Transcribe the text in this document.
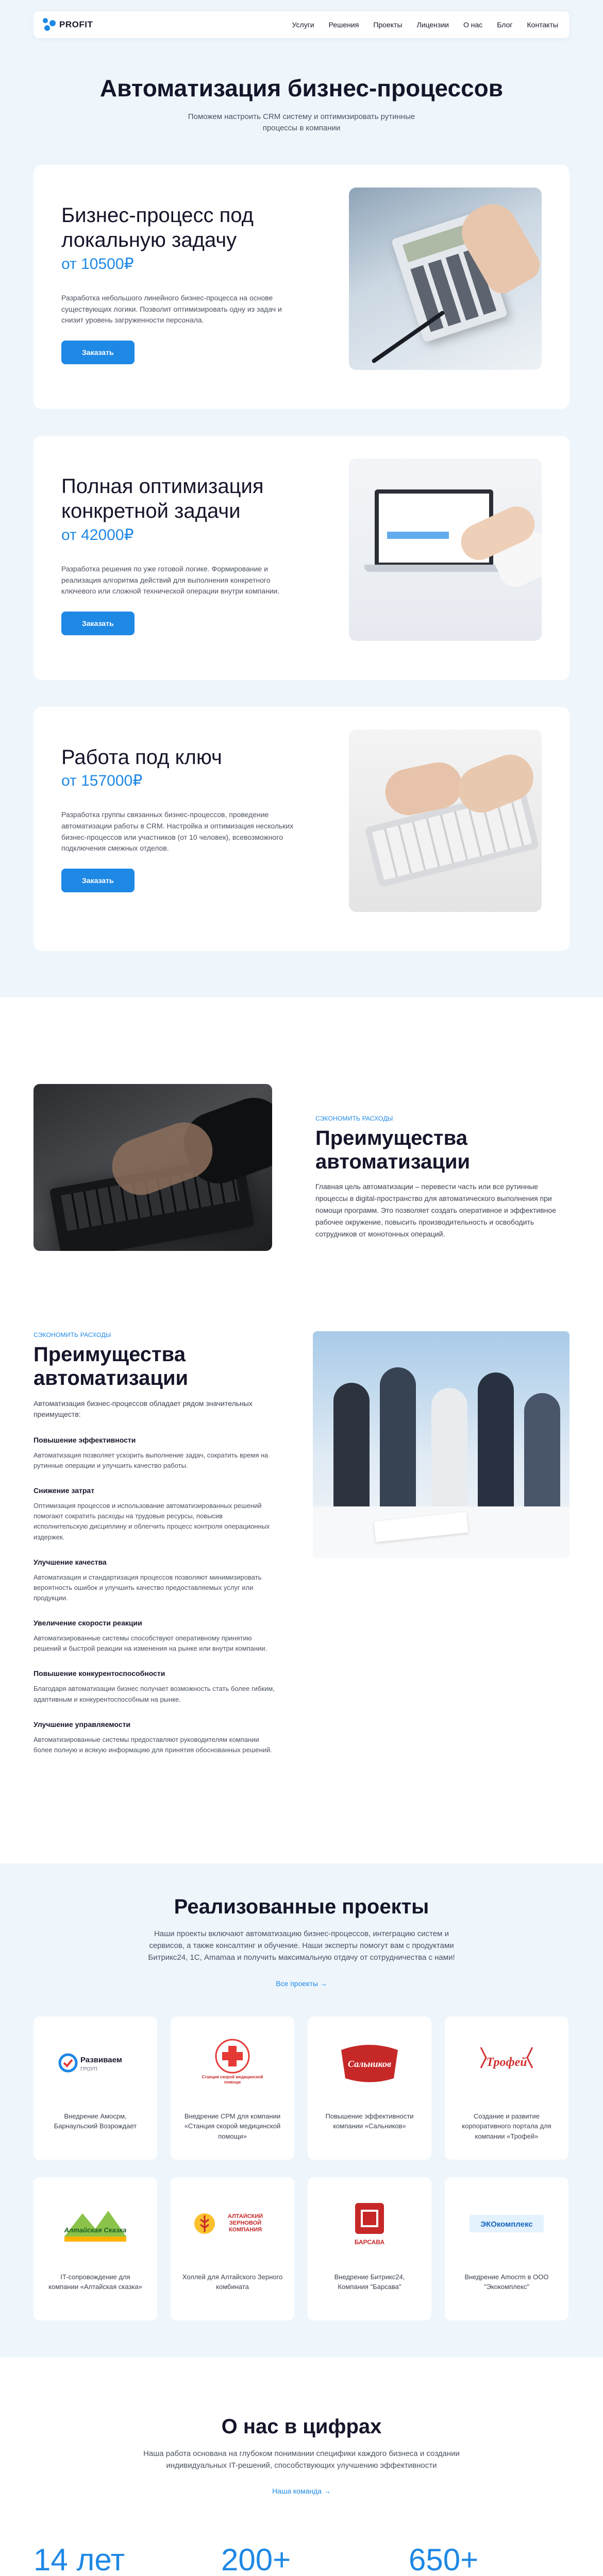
PROFIT	Услуги Решения Проекты Лицензии О нас Блог Контакты
Автоматизация бизнес-процессов

Поможем настроить CRM систему и оптимизировать рутинные процессы в компании

Бизнес-процесс под локальную задачу
от 10500₽

Разработка небольшого линейного бизнес-процесса на основе существующих логики. Позволит оптимизировать одну из задач и снизит уровень загруженности персонала.

Заказать
Полная оптимизация конкретной задачи
от 42000₽

Разработка решения по уже готовой логике. Формирование и реализация алгоритма действий для выполнения конкретного ключевого или сложной технической операции внутри компании.

Заказать
Работа под ключ
от 157000₽

Разработка группы связанных бизнес-процессов, проведение автоматизации работы в CRM. Настройка и оптимизация нескольких бизнес-процессов или участников (от 10 человек), всевозможного подключения смежных отделов.

Заказать
СЭКОНОМИТЬ РАСХОДЫ
Преимущества автоматизации

Главная цель автоматизации – перевести часть или все рутинные процессы в digital-пространство для автоматического выполнения при помощи программ. Это позволяет создать оперативное и эффективное рабочее окружение, повысить производительность и освободить сотрудников от монотонных операций.

СЭКОНОМИТЬ РАСХОДЫ
Преимущества автоматизации

Автоматизация бизнес-процессов обладает рядом значительных преимуществ:

Повышение эффективности
Автоматизация позволяет ускорить выполнение задач, сократить время на рутинные операции и улучшить качество работы.
Снижение затрат
Оптимизация процессов и использование автоматизированных решений помогают сократить расходы на трудовые ресурсы, повысив исполнительскую дисциплину и облегчить процесс контроля операционных издержек.
Улучшение качества
Автоматизация и стандартизация процессов позволяют минимизировать вероятность ошибок и улучшить качество предоставляемых услуг или продукции.
Увеличение скорости реакции
Автоматизированные системы способствуют оперативному принятию решений и быстрой реакции на изменения на рынке или внутри компании.
Повышение конкурентоспособности
Благодаря автоматизации бизнес получает возможность стать более гибким, адаптивным и конкурентоспособным на рынке.
Улучшение управляемости
Автоматизированные системы предоставляют руководителям компании более полную и всякую информацию для принятия обоснованных решений.
Реализованные проекты

Наши проекты включают автоматизацию бизнес-процессов, интеграцию систем и сервисов, а также консалтинг и обучение. Наши эксперты помогут вам с продуктами Битрикс24, 1С, Amamaa и получить максимальную отдачу от сотрудничества с нами!

Все проекты →
Развиваем
ГРОУП
Внедрение Амосрм, Барнаульский Возрождает
Станция скорой медицинской помощи
Внедрение СРМ для компании «Станция скорой медицинской помощи»
Сальников
Повышение эффективности компании «Сальников»
Трофей
Создание и развитие корпоративного портала для компании «Трофей»
Алтайская Сказка
IT-сопровождение для компании «Алтайская сказка»
АЛТАЙСКИЙ ЗЕРНОВОЙ КОМПАНИЯ
Холлей для Алтайского Зерного комбината
БАРСАВА
Внедрение Битрикс24, Компания "Барсава"
ЭКОкомплекс
Внедрение Amocrm в ООО "Экокомплекс"
О нас в цифрах

Наша работа основана на глубоком понимании специфики каждого бизнеса и создании индивидуальных IT-решений, способствующих улучшению эффективности

Наша команда →
14 лет	200+	650+
